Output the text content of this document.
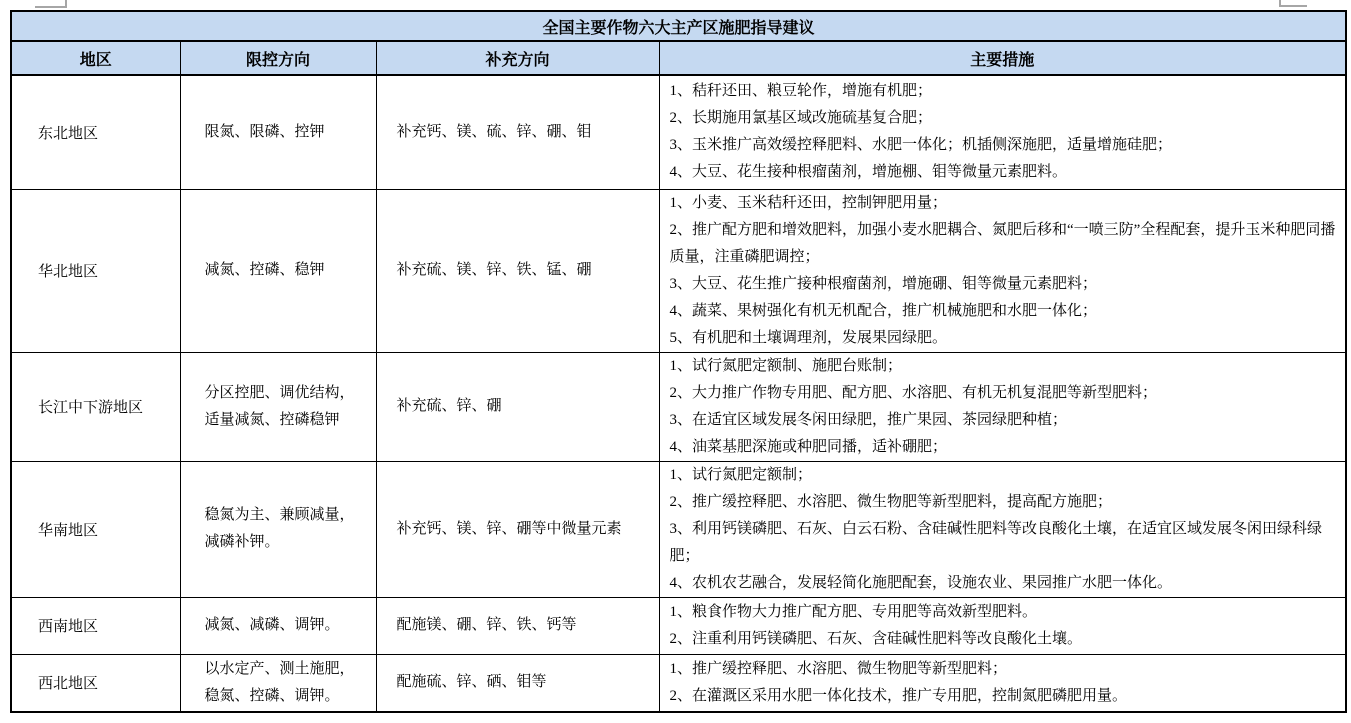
全国主要作物六大主产区施肥指导建议			
地区	限控方向	补充方向	主要措施
东北地区	限氮、限磷、控钾	补充钙、镁、硫、锌、硼、钼	1、秸秆还田、粮豆轮作，增施有机肥；
2、长期施用氯基区域改施硫基复合肥；
3、玉米推广高效缓控释肥料、水肥一体化；机插侧深施肥，适量增施硅肥；
4、大豆、花生接种根瘤菌剂，增施棚、钼等微量元素肥料。

华北地区	减氮、控磷、稳钾	补充硫、镁、锌、铁、锰、硼	1、小麦、玉米秸秆还田，控制钾肥用量；
2、推广配方肥和增效肥料，加强小麦水肥耦合、氮肥后移和“一喷三防”全程配套，提升玉米种肥同播质量，注重磷肥调控；
3、大豆、花生推广接种根瘤菌剂，增施硼、钼等微量元素肥料；
4、蔬菜、果树强化有机无机配合，推广机械施肥和水肥一体化；
5、有机肥和土壤调理剂，发展果园绿肥。

长江中下游地区	分区控肥、调优结构，适量减氮、控磷稳钾	补充硫、锌、硼	1、试行氮肥定额制、施肥台账制；
2、大力推广作物专用肥、配方肥、水溶肥、有机无机复混肥等新型肥料；
3、在适宜区域发展冬闲田绿肥，推广果园、茶园绿肥种植；
4、油菜基肥深施或种肥同播，适补硼肥；

华南地区	稳氮为主、兼顾减量，减磷补钾。	补充钙、镁、锌、硼等中微量元素	1、试行氮肥定额制；
2、推广缓控释肥、水溶肥、微生物肥等新型肥料，提高配方施肥；
3、利用钙镁磷肥、石灰、白云石粉、含硅碱性肥料等改良酸化土壤，在适宜区域发展冬闲田绿科绿肥；
4、农机农艺融合，发展轻简化施肥配套，设施农业、果园推广水肥一体化。

西南地区	减氮、减磷、调钾。	配施镁、硼、锌、铁、钙等	1、粮食作物大力推广配方肥、专用肥等高效新型肥料。
2、注重利用钙镁磷肥、石灰、含硅碱性肥料等改良酸化土壤。

西北地区	以水定产、测土施肥，稳氮、控磷、调钾。	配施硫、锌、硒、钼等	1、推广缓控释肥、水溶肥、微生物肥等新型肥料；
2、在灌溉区采用水肥一体化技术，推广专用肥，控制氮肥磷肥用量。
